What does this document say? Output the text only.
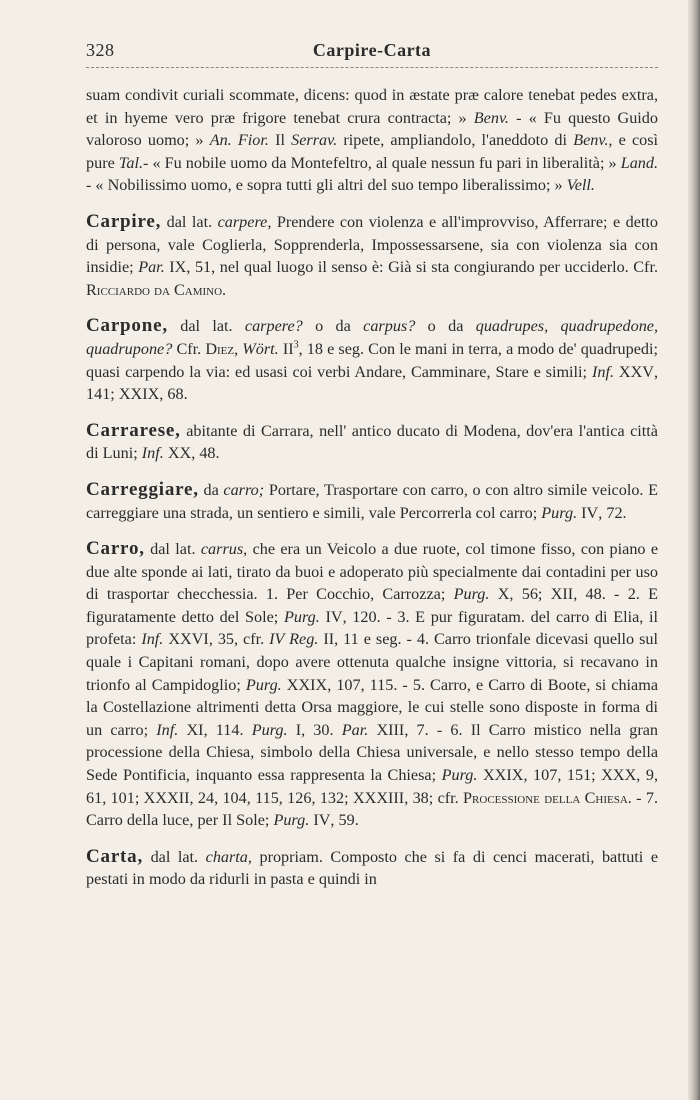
328	Carpire-Carta

suam condivit curiali scommate, dicens: quod in æstate præ calore tenebat pedes extra, et in hyeme vero præ frigore tenebat crura contracta; » Benv. - « Fu questo Guido valoroso uomo; » An. Fior. Il Serrav. ripete, ampliandolo, l'aneddoto di Benv., e così pure Tal.- « Fu nobile uomo da Montefeltro, al quale nessun fu pari in liberalità; » Land. - « Nobilissimo uomo, e sopra tutti gli altri del suo tempo liberalissimo; » Vell.

Carpire, dal lat. carpere, Prendere con violenza e all'improvviso, Afferrare; e detto di persona, vale Coglierla, Sopprenderla, Impossessarsene, sia con violenza sia con insidie; Par. IX, 51, nel qual luogo il senso è: Già si sta congiurando per ucciderlo. Cfr. Ricciardo da Camino.

Carpone, dal lat. carpere? o da carpus? o da quadrupes, quadrupedone, quadrupone? Cfr. Diez, Wört. $II^3$, 18 e seg. Con le mani in terra, a modo de' quadrupedi; quasi carpendo la via: ed usasi coi verbi Andare, Camminare, Stare e simili; Inf. XXV, 141; XXIX, 68.

Carrarese, abitante di Carrara, nell' antico ducato di Modena, dov'era l'antica città di Luni; Inf. XX, 48.

Carreggiare, da carro; Portare, Trasportare con carro, o con altro simile veicolo. E carreggiare una strada, un sentiero e simili, vale Percorrerla col carro; Purg. IV, 72.

Carro, dal lat. carrus, che era un Veicolo a due ruote, col timone fisso, con piano e due alte sponde ai lati, tirato da buoi e adoperato più specialmente dai contadini per uso di trasportar checchessia. 1. Per Cocchio, Carrozza; Purg. X, 56; XII, 48. - 2. E figuratamente detto del Sole; Purg. IV, 120. - 3. E pur figuratam. del carro di Elia, il profeta: Inf. XXVI, 35, cfr. IV Reg. II, 11 e seg. - 4. Carro trionfale dicevasi quello sul quale i Capitani romani, dopo avere ottenuta qualche insigne vittoria, si recavano in trionfo al Campidoglio; Purg. XXIX, 107, 115. - 5. Carro, e Carro di Boote, si chiama la Costellazione altrimenti detta Orsa maggiore, le cui stelle sono disposte in forma di un carro; Inf. XI, 114. Purg. I, 30. Par. XIII, 7. - 6. Il Carro mistico nella gran processione della Chiesa, simbolo della Chiesa universale, e nello stesso tempo della Sede Pontificia, inquanto essa rappresenta la Chiesa; Purg. XXIX, 107, 151; XXX, 9, 61, 101; XXXII, 24, 104, 115, 126, 132; XXXIII, 38; cfr. Processione della Chiesa. - 7. Carro della luce, per Il Sole; Purg. IV, 59.

Carta, dal lat. charta, propriam. Composto che si fa di cenci macerati, battuti e pestati in modo da ridurli in pasta e quindi in
